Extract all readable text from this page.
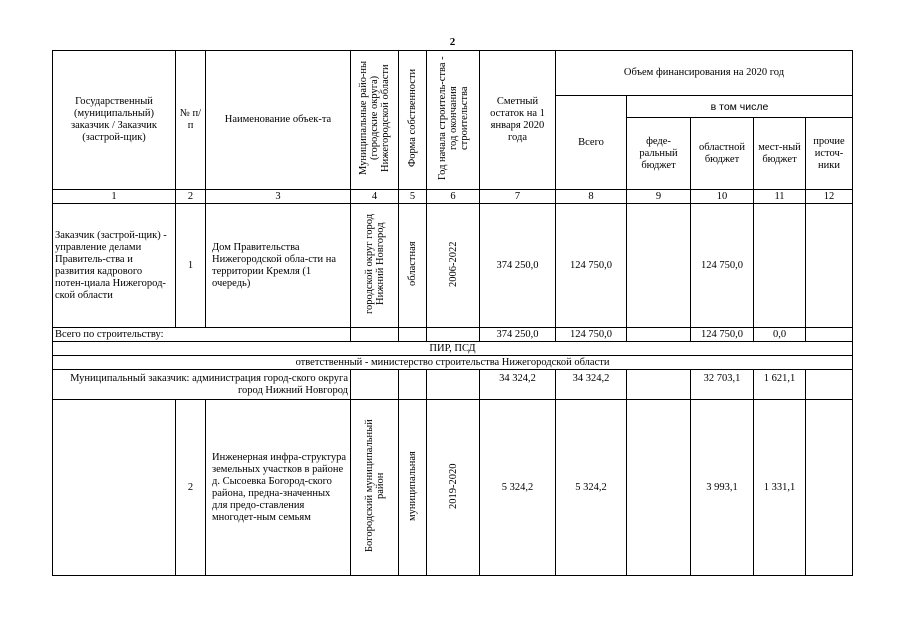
2
Государственный (муниципальный) заказчик / Заказчик (застрой-щик)	№ п/п	Наименование объек-та	Муниципальные райо-ны (городские округа) Нижегородской области	Форма собственности	Год начала строитель-ства - год окончания строительства	Сметный остаток на 1 января 2020 года	Объем финансирования на 2020 год				
							Всего	в том числе			
								феде-ральный бюджет	областной бюджет	мест-ный бюджет	прочие источ-ники
1	2	3	4	5	6	7	8	9	10	11	12
Заказчик (застрой-щик) - управление делами Правитель-ства и развития кадрового потен-циала Нижегород-ской области	1	Дом Правительства Нижегородской обла-сти на территории Кремля (1 очередь)	городской округ город Нижний Новгород	областная	2006-2022	374 250,0	124 750,0		124 750,0		
Всего по строительству:						374 250,0	124 750,0		124 750,0	0,0	
ПИР, ПСД											
ответственный - министерство строительства Нижегородской области											
Муниципальный заказчик: администрация город-ского округа город Нижний Новгород						34 324,2	34 324,2		32 703,1	1 621,1	
	2	Инженерная инфра-структура земельных участков в районе д. Сысоевка Богород-ского района, предна-значенных для предо-ставления многодет-ным семьям	Богородский муниципальный район	муниципальная	2019-2020	5 324,2	5 324,2		3 993,1	1 331,1	
